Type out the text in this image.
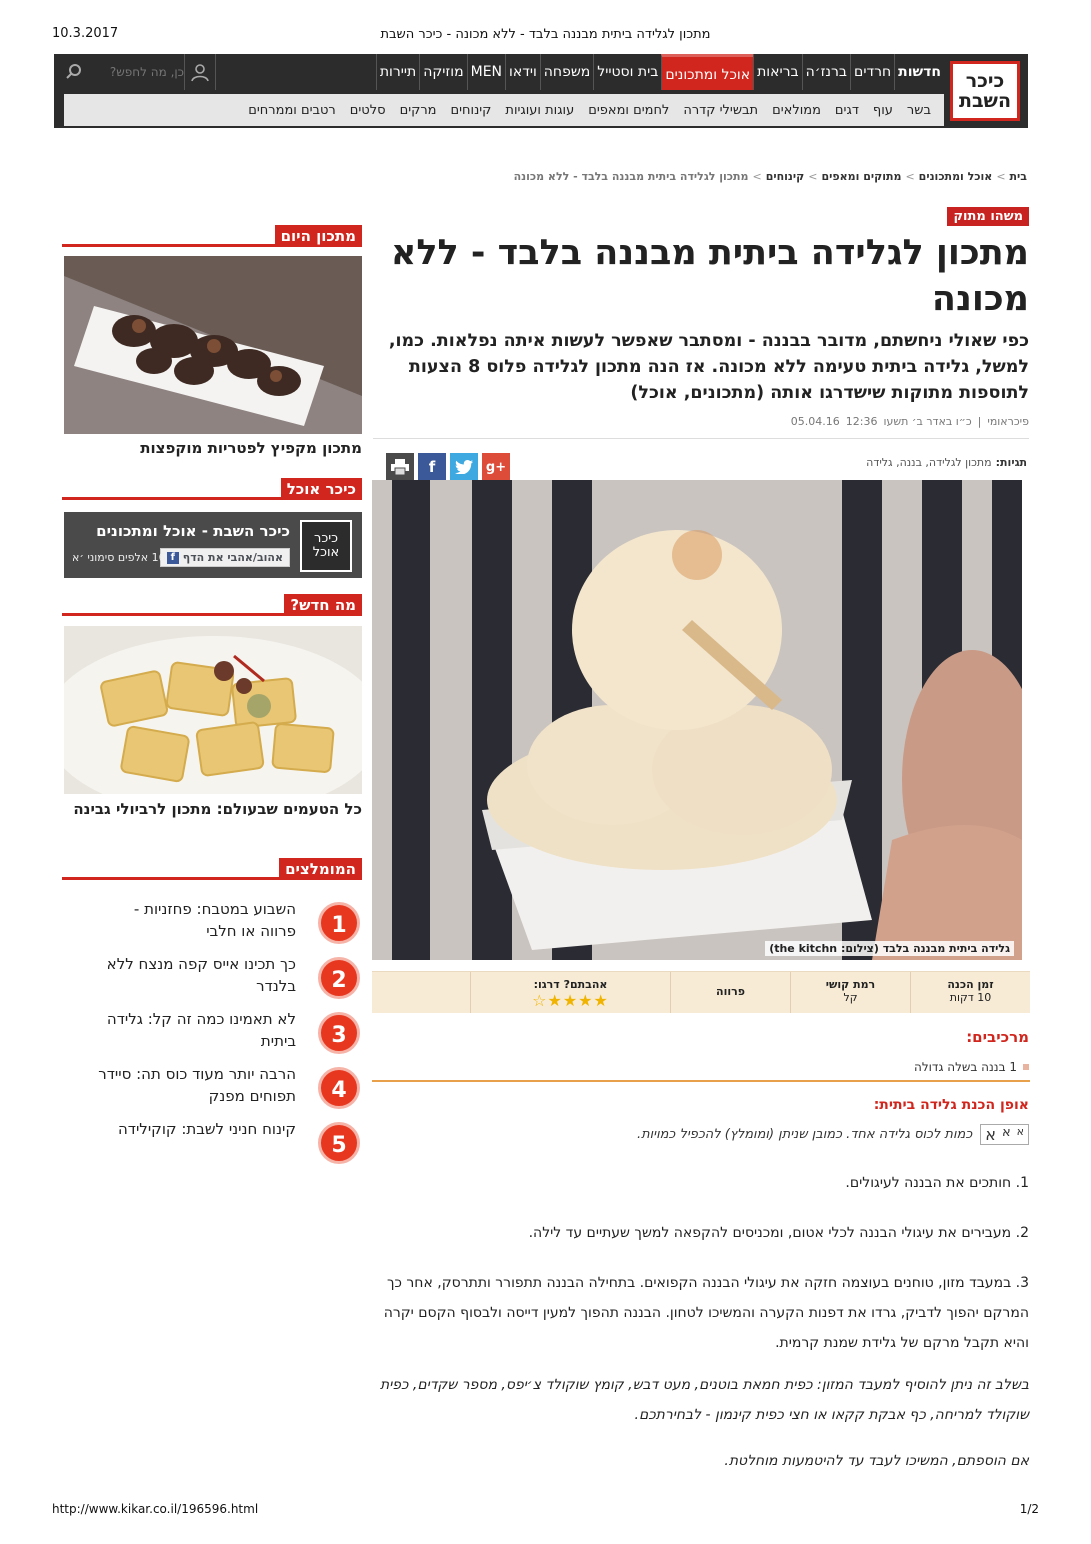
10.3.2017	מתכון לגלידה ביתית מבננה בלבד - ללא מכונה - כיכר השבת
כיכר
השבת
חדשות
חרדים
ברנז׳ה
בריאות
אוכל ומתכונים
בית וסטייל
משפחה
וידאו
MEN
מוזיקה
תיירות
כן, מה לחפש?
בשר
עוף
דגים
ממולאים
תבשילי קדרה
לחמים ומאפים
עוגות ועוגיות
קינוחים
מרקים
סלטים
רטבים וממרחים
בית
>
אוכל ומתכונים
>
מתוקים ומאפים
>
קינוחים
>
מתכון לגלידה ביתית מבננה בלבד - ללא מכונה
משהו מתוק
מתכון לגלידה ביתית מבננה בלבד - ללא מכונה
כפי שאולי ניחשתם, מדובר בבננה - ומסתבר שאפשר לעשות איתה נפלאות. כמו, למשל, גלידה ביתית טעימה ללא מכונה. אז הנה מתכון לגלידה פלוס 8 הצעות לתוספות מתוקות שישדרגו אותה (מתכונים, אוכל)
פיכראומי
|
כ״ו באדר ב׳ תשעו
12:36
05.04.16
תגיות:
מתכון לגלידה, בננה, גלידה
f	g+
גלידה ביתית מבננה בלבד (צילום: the kitchn)
זמן הכנה
10 דקות
רמת קושי
קל
פרווה
אהבתם? דרגו:
★★★★☆
מרכיבים:
1 בננה בשלה גדולה
אופן הכנת גלידה ביתית:
א
א
א
כמות לכוס גלידה אחד. כמובן שניתן (ומומלץ) להכפיל כמויות.
1. חותכים את הבננה לעיגולים.
2. מעבירים את עיגולי הבננה לכלי אטום, ומכניסים להקפאה למשך שעתיים עד לילה.
3. במעבד מזון, טוחנים בעוצמה חזקה את עיגולי הבננה הקפואים. בתחילה הבננה תתפורר ותתרסק, אחר כך המרקם יהפוך לדביק, גרדו את דפנות הקערה והמשיכו לטחון. הבננה תהפוך למעין דייסה ולבסוף הקסם יקרה והיא תקבל מרקם של גלידת שמנת קרמית.
בשלב זה ניתן להוסיף למעבד המזון: כפית חמאת בוטנים, מעט דבש, קומץ שוקולד צ׳יפס, מספר שקדים, כפית שוקולד למריחה, כף אבקת קקאו או חצי כפית קינמון - לבחירתכם.
אם הוספתם, המשיכו לעבד עד להיטמעות מוחלטת.
מתכון היום
מתכון מקפיץ לפטריות מוקפצות
כיכר אוכל
כיכר
אוכל
כיכר השבת - אוכל ומתכונים
אהוב/אהבי את הדף
f
16 אלפים סימוני ׳א
מה חדש?
כל הטעמים שבעולם: מתכון לרביולי גבינה
המומלצים
1
השבוע במטבח: פחזניות - פרווה או חלבי
2
כך תכינו אייס קפה מנצח ללא בלנדר
3
לא תאמינו כמה זה קל: גלידה ביתית
4
הרבה יותר מעוד כוס תה: סיידר תפוחים מפנק
5
קינוח חניני לשבת: קוקילידה
http://www.kikar.co.il/196596.html	1/2
